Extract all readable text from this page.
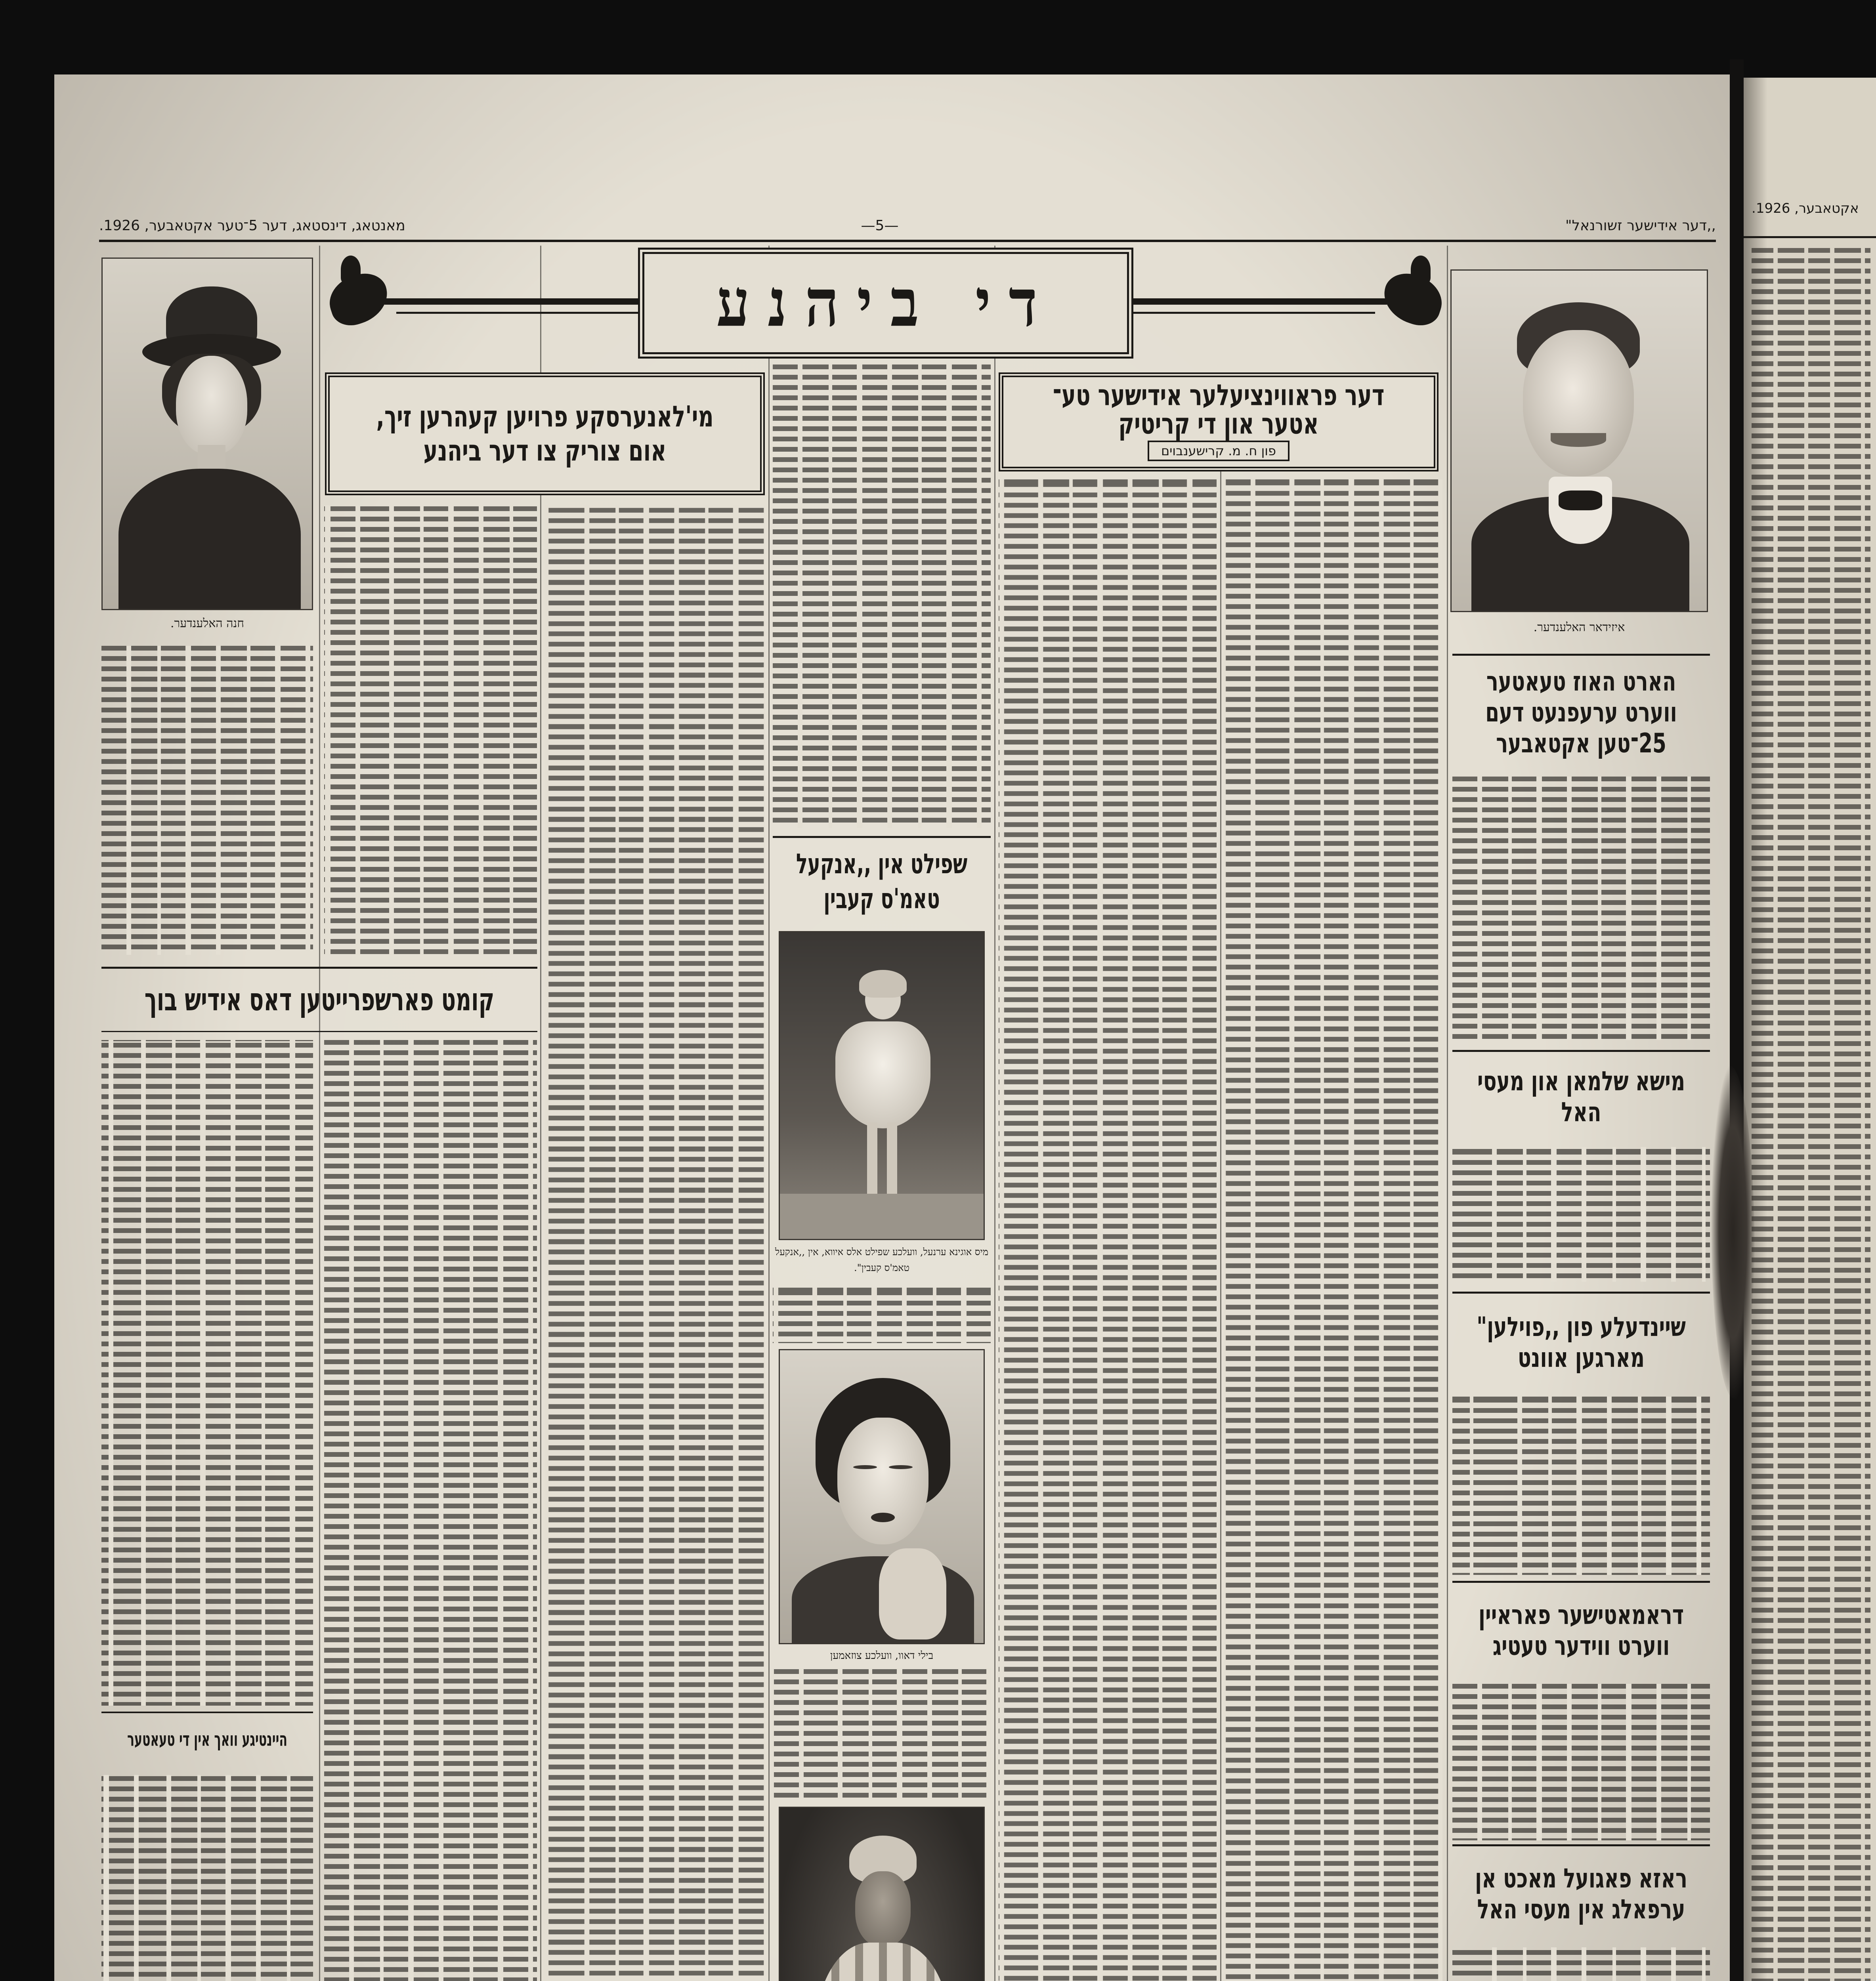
אקטאבער, 1926.
מאנטאג, דינסטאג, דער 5־טער אקטאבער, 1926.	—5—	,,דער אידישער זשורנאל"
די ביהנע
חנה האלענדער.	איזידאר האלענדער.
מי'לאנערסקע פרויען קעהרען זיך,
אום צוריק צו דער ביהנע
דער פראווינציעלער אידישער טע־
אטער און די קריטיק
פון ח. מ. קרישענבוים
קומט פארשפרייטען דאס אידיש בוך
היינטיגע וואך אין די טעאטער
שפילט אין ,,אנקעל
טאמ'ס קעבין
מיס אוגינא ערנעל, וועלכע שפילט אלס איווא, אין ,,אנקעל טאמ'ס קעבין".
בילי דאוו, וועלכע צוזאמען
הארט האוז טעאטער
ווערט ערעפנעט דעם
25־טען אקטאבער
מישא שלמאן און מעסי
האל
שיינדעלע פון ,,פוילען"
מארגען אוונט
דראמאטישער פאראיין
ווערט ווידער טעטיג
ראזא פאגועל מאכט אן
ערפאלג אין מעסי האל
